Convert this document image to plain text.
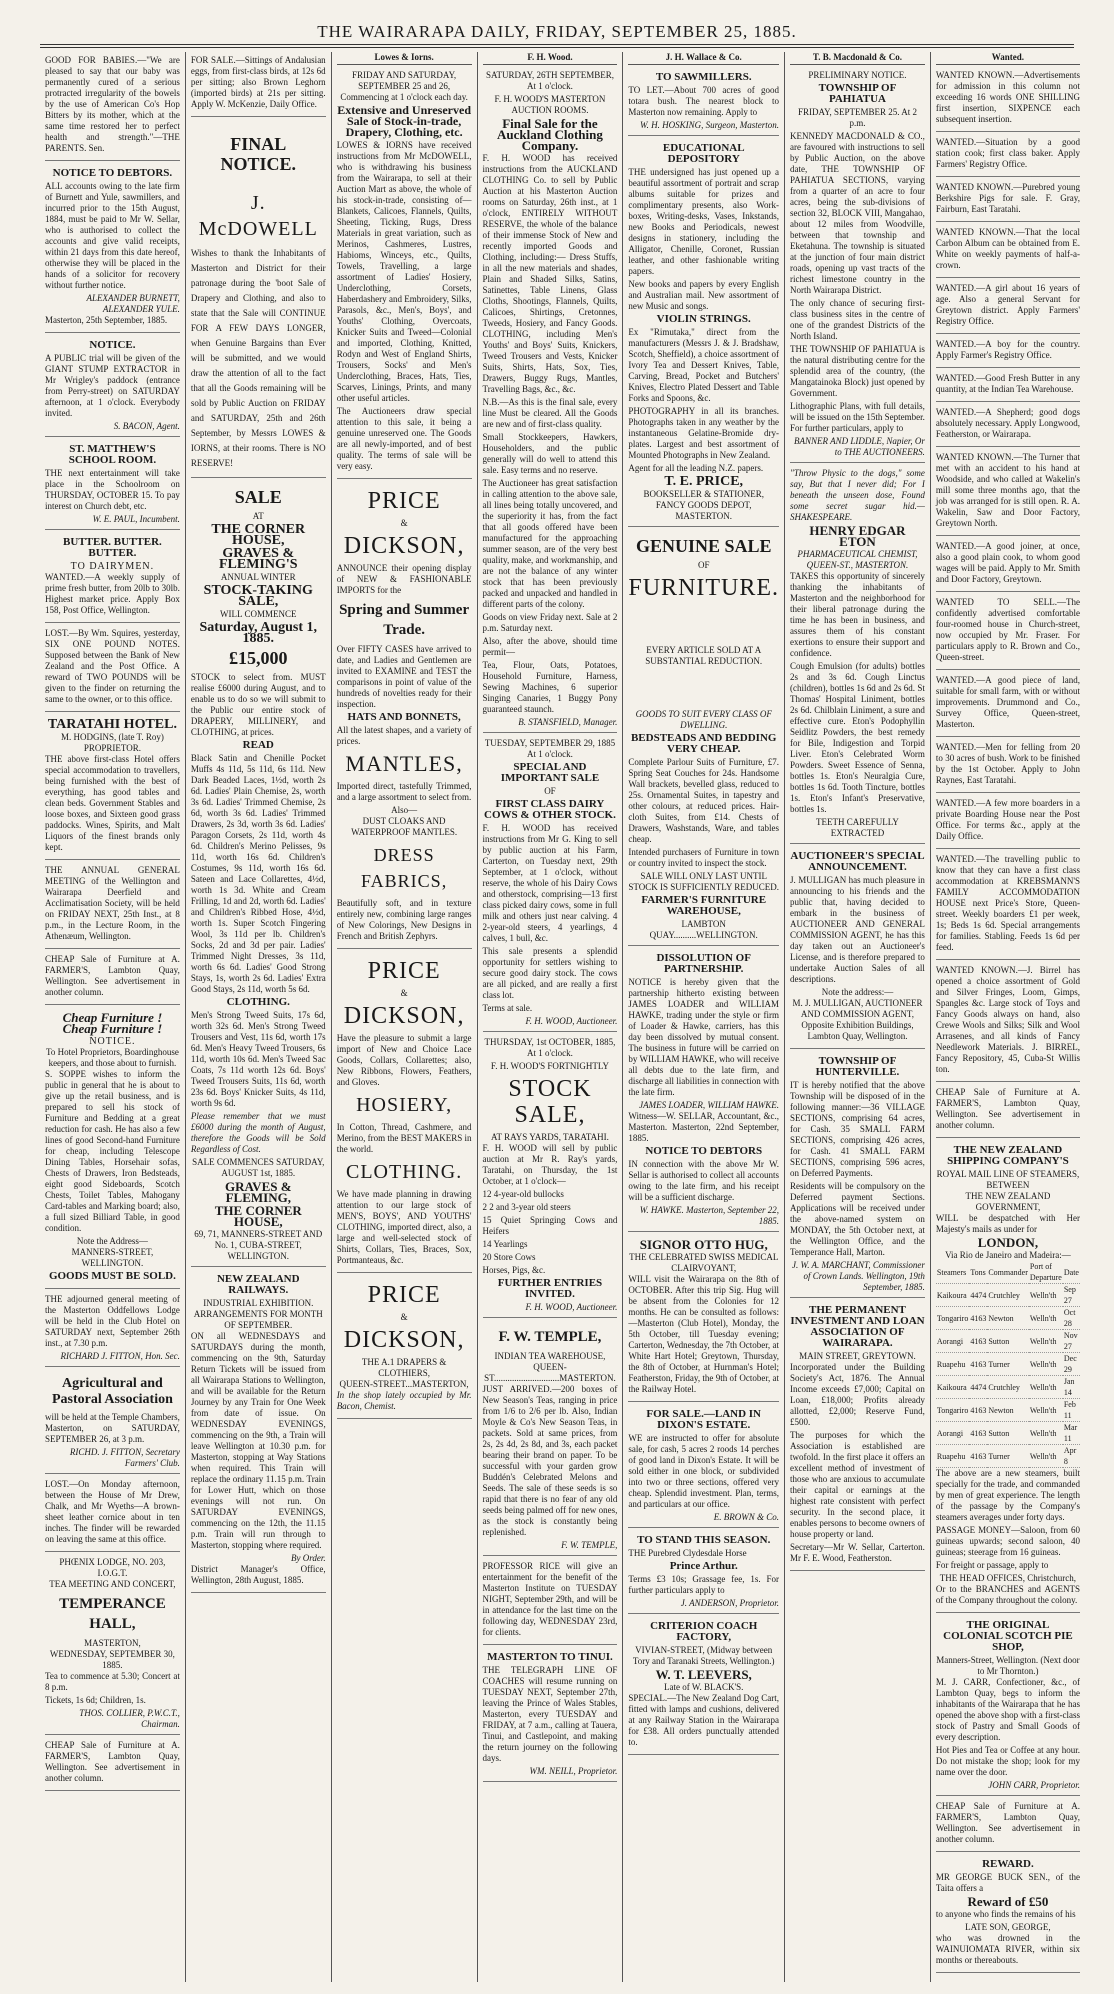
THE WAIRARAPA DAILY, FRIDAY, SEPTEMBER 25, 1885.

GOOD FOR BABIES.—"We are pleased to say that our baby was permanently cured of a serious protracted irregularity of the bowels by the use of American Co's Hop Bitters by its mother, which at the same time restored her to perfect health and strength."—THE PARENTS. Sen.

NOTICE TO DEBTORS.

ALL accounts owing to the late firm of Burnett and Yule, sawmillers, and incurred prior to the 15th August, 1884, must be paid to Mr W. Sellar, who is authorised to collect the accounts and give valid receipts, within 21 days from this date hereof, otherwise they will be placed in the hands of a solicitor for recovery without further notice.

ALEXANDER BURNETT, ALEXANDER YULE.

Masterton, 25th September, 1885.

NOTICE.

A PUBLIC trial will be given of the GIANT STUMP EXTRACTOR in Mr Wrigley's paddock (entrance from Perry-street) on SATURDAY afternoon, at 1 o'clock. Everybody invited.

S. BACON, Agent.
ST. MATTHEW'S SCHOOL ROOM.

THE next entertainment will take place in the Schoolroom on THURSDAY, OCTOBER 15. To pay interest on Church debt, etc.

W. E. PAUL, Incumbent.
BUTTER. BUTTER. BUTTER.
TO DAIRYMEN.

WANTED.—A weekly supply of prime fresh butter, from 20lb to 30lb. Highest market price. Apply Box 158, Post Office, Wellington.

LOST.—By Wm. Squires, yesterday, SIX ONE POUND NOTES. Supposed between the Bank of New Zealand and the Post Office. A reward of TWO POUNDS will be given to the finder on returning the same to the owner, or to this office.

TARATAHI HOTEL.
M. HODGINS, (late T. Roy) PROPRIETOR.

THE above first-class Hotel offers special accommodation to travellers, being furnished with the best of everything, has good tables and clean beds. Government Stables and loose boxes, and Sixteen good grass paddocks. Wines, Spirits, and Malt Liquors of the finest brands only kept.

THE ANNUAL GENERAL MEETING of the Wellington and Wairarapa Deerfield and Acclimatisation Society, will be held on FRIDAY NEXT, 25th Inst., at 8 p.m., in the Lecture Room, in the Athenæum, Wellington.

CHEAP Sale of Furniture at A. FARMER'S, Lambton Quay, Wellington. See advertisement in another column.

Cheap Furniture ! Cheap Furniture !
NOTICE.
To Hotel Proprietors, Boardinghouse keepers, and those about to furnish.

S. SOPPE wishes to inform the public in general that he is about to give up the retail business, and is prepared to sell his stock of Furniture and Bedding at a great reduction for cash. He has also a few lines of good Second-hand Furniture for cheap, including Telescope Dining Tables, Horsehair sofas, Chests of Drawers, Iron Bedsteads, eight good Sideboards, Scotch Chests, Toilet Tables, Mahogany Card-tables and Marking board; also, a full sized Billiard Table, in good condition.

Note the Address—
MANNERS-STREET, WELLINGTON.
GOODS MUST BE SOLD.

THE adjourned general meeting of the Masterton Oddfellows Lodge will be held in the Club Hotel on SATURDAY next, September 26th inst., at 7.30 p.m.

RICHARD J. FITTON, Hon. Sec.
Agricultural and Pastoral Association

will be held at the Temple Chambers, Masterton, on SATURDAY, SEPTEMBER 26, at 3 p.m.

RICHD. J. FITTON, Secretary Farmers' Club.

LOST.—On Monday afternoon, between the House of Mr Drew, Chalk, and Mr Wyeths—A brown-sheet leather cornice about in ten inches. The finder will be rewarded on leaving the same at this office.

PHŒNIX LODGE, NO. 203, I.O.G.T.
TEA MEETING AND CONCERT,
TEMPERANCE HALL,
MASTERTON,
WEDNESDAY, SEPTEMBER 30, 1885.

Tea to commence at 5.30; Concert at 8 p.m.

Tickets, 1s 6d; Children, 1s.

THOS. COLLIER, P.W.C.T., Chairman.

CHEAP Sale of Furniture at A. FARMER'S, Lambton Quay, Wellington. See advertisement in another column.

FOR SALE.—Sittings of Andalusian eggs, from first-class birds, at 12s 6d per sitting; also Brown Leghorn (imported birds) at 21s per sitting. Apply W. McKenzie, Daily Office.

FINAL NOTICE.
J. McDOWELL

Wishes to thank the Inhabitants of Masterton and District for their patronage during the 'boot Sale of Drapery and Clothing, and also to state that the Sale will CONTINUE FOR A FEW DAYS LONGER, when Genuine Bargains than Ever will be submitted, and we would draw the attention of all to the fact that all the Goods remaining will be sold by Public Auction on FRIDAY and SATURDAY, 25th and 26th September, by Messrs LOWES & IORNS, at their rooms. There is NO RESERVE!

SALE
AT
THE CORNER HOUSE,
GRAVES & FLEMING'S
ANNUAL WINTER
STOCK-TAKING SALE,
WILL COMMENCE
Saturday, August 1, 1885.
£15,000

STOCK to select from. MUST realise £6000 during August, and to enable us to do so we will submit to the Public our entire stock of DRAPERY, MILLINERY, and CLOTHING, at prices.

READ

Black Satin and Chenille Pocket Muffs 4s 11d, 5s 11d, 6s 11d. New Dark Beaded Laces, 1½d, worth 2s 6d. Ladies' Plain Chemise, 2s, worth 3s 6d. Ladies' Trimmed Chemise, 2s 6d, worth 3s 6d. Ladies' Trimmed Drawers, 2s 3d, worth 3s 6d. Ladies' Paragon Corsets, 2s 11d, worth 4s 6d. Children's Merino Pelisses, 9s 11d, worth 16s 6d. Children's Costumes, 9s 11d, worth 16s 6d. Sateen and Lace Collarettes, 4½d, worth 1s 3d. White and Cream Frilling, 1d and 2d, worth 6d. Ladies' and Children's Ribbed Hose, 4½d, worth 1s. Super Scotch Fingering Wool, 3s 11d per lb. Children's Socks, 2d and 3d per pair. Ladies' Trimmed Night Dresses, 3s 11d, worth 6s 6d. Ladies' Good Strong Stays, 1s, worth 2s 6d. Ladies' Extra Good Stays, 2s 11d, worth 5s 6d.

CLOTHING.

Men's Strong Tweed Suits, 17s 6d, worth 32s 6d. Men's Strong Tweed Trousers and Vest, 11s 6d, worth 17s 6d. Men's Heavy Tweed Trousers, 6s 11d, worth 10s 6d. Men's Tweed Sac Coats, 7s 11d worth 12s 6d. Boys' Tweed Trousers Suits, 11s 6d, worth 23s 6d. Boys' Knicker Suits, 4s 11d, worth 9s 6d.

Please remember that we must £6000 during the month of August, therefore the Goods will be Sold Regardless of Cost.

SALE COMMENCES SATURDAY, AUGUST 1st, 1885.
GRAVES & FLEMING,
THE CORNER HOUSE,
69, 71, MANNERS-STREET AND No. 1, CUBA-STREET, WELLINGTON.
NEW ZEALAND RAILWAYS.
INDUSTRIAL EXHIBITION.
ARRANGEMENTS FOR MONTH OF SEPTEMBER.

ON all WEDNESDAYS and SATURDAYS during the month, commencing on the 9th, Saturday Return Tickets will be issued from all Wairarapa Stations to Wellington, and will be available for the Return Journey by any Train for One Week from date of issue. On WEDNESDAY EVENINGS, commencing on the 9th, a Train will leave Wellington at 10.30 p.m. for Masterton, stopping at Way Stations when required. This Train will replace the ordinary 11.15 p.m. Train for Lower Hutt, which on those evenings will not run. On SATURDAY EVENINGS, commencing on the 12th, the 11.15 p.m. Train will run through to Masterton, stopping where required.

By Order.

District Manager's Office, Wellington, 28th August, 1885.

Lowes & Iorns.

FRIDAY AND SATURDAY, SEPTEMBER 25 and 26, Commencing at 1 o'clock each day.

Extensive and Unreserved Sale of Stock-in-trade, Drapery, Clothing, etc.

LOWES & IORNS have received instructions from Mr McDOWELL, who is withdrawing his business from the Wairarapa, to sell at their Auction Mart as above, the whole of his stock-in-trade, consisting of— Blankets, Calicoes, Flannels, Quilts, Sheeting, Ticking, Rugs, Dress Materials in great variation, such as Merinos, Cashmeres, Lustres, Habioms, Winceys, etc., Quilts, Towels, Travelling, a large assortment of Ladies' Hosiery, Underclothing, Corsets, Haberdashery and Embroidery, Silks, Parasols, &c., Men's, Boys', and Youths' Clothing, Overcoats, Knicker Suits and Tweed—Colonial and imported, Clothing, Knitted, Rodyn and West of England Shirts, Trousers, Socks' and Men's Underclothing, Braces, Hats, Ties, Scarves, Linings, Prints, and many other useful articles.

The Auctioneers draw special attention to this sale, it being a genuine unreserved one. The Goods are all newly-imported, and of best quality. The terms of sale will be very easy.

PRICE
&
DICKSON,

ANNOUNCE their opening display of NEW & FASHIONABLE IMPORTS for the

Spring and Summer Trade.

Over FIFTY CASES have arrived to date, and Ladies and Gentlemen are invited to EXAMINE and TEST the comparisons in point of value of the hundreds of novelties ready for their inspection.

HATS AND BONNETS,

All the latest shapes, and a variety of prices.

MANTLES,

Imported direct, tastefully Trimmed, and a large assortment to select from.

Also—
DUST CLOAKS AND WATERPROOF MANTLES.
DRESS FABRICS,

Beautifully soft, and in texture entirely new, combining large ranges of New Colorings, New Designs in French and British Zephyrs.

PRICE
&
DICKSON,

Have the pleasure to submit a large import of New and Choice Lace Goods, Collars, Collarettes; also, New Ribbons, Flowers, Feathers, and Gloves.

HOSIERY,

In Cotton, Thread, Cashmere, and Merino, from the BEST MAKERS in the world.

CLOTHING.

We have made planning in drawing attention to our large stock of MEN'S, BOYS', AND YOUTHS' CLOTHING, imported direct, also, a large and well-selected stock of Shirts, Collars, Ties, Braces, Sox, Portmanteaus, &c.

PRICE
&
DICKSON,
THE A.1 DRAPERS & CLOTHIERS,
QUEEN-STREET...MASTERTON,

In the shop lately occupied by Mr. Bacon, Chemist.

F. H. Wood.

SATURDAY, 26TH SEPTEMBER, At 1 o'clock.

F. H. WOOD'S MASTERTON AUCTION ROOMS.
Final Sale for the Auckland Clothing Company.

F. H. WOOD has received instructions from the AUCKLAND CLOTHING Co. to sell by Public Auction at his Masterton Auction rooms on Saturday, 26th inst., at 1 o'clock, ENTIRELY WITHOUT RESERVE, the whole of the balance of their immense Stock of New and recently imported Goods and Clothing, including:— Dress Stuffs, in all the new materials and shades, Plain and Shaded Silks, Satins, Satinettes, Table Linens, Glass Cloths, Shootings, Flannels, Quilts, Calicoes, Shirtings, Cretonnes, Tweeds, Hosiery, and Fancy Goods. CLOTHING, including Men's Youths' and Boys' Suits, Knickers, Tweed Trousers and Vests, Knicker Suits, Shirts, Hats, Sox, Ties, Drawers, Buggy Rugs, Mantles, Travelling Bags, &c., &c.

N.B.—As this is the final sale, every line Must be cleared. All the Goods are new and of first-class quality.

Small Stockkeepers, Hawkers, Householders, and the public generally will do well to attend this sale. Easy terms and no reserve.

The Auctioneer has great satisfaction in calling attention to the above sale, all lines being totally uncovered, and the superiority it has, from the fact that all goods offered have been manufactured for the approaching summer season, are of the very best quality, make, and workmanship, and are not the balance of any winter stock that has been previously packed and unpacked and handled in different parts of the colony.

Goods on view Friday next. Sale at 2 p.m. Saturday next.

Also, after the above, should time permit—

Tea, Flour, Oats, Potatoes, Household Furniture, Harness, Sewing Machines, 6 superior Singing Canaries, 1 Buggy Pony guaranteed staunch.

B. STANSFIELD, Manager.

TUESDAY, SEPTEMBER 29, 1885 At 1 o'clock.

SPECIAL AND IMPORTANT SALE
OF
FIRST CLASS DAIRY COWS & OTHER STOCK.

F. H. WOOD has received instructions from Mr G. King to sell by public auction at his Farm, Carterton, on Tuesday next, 29th September, at 1 o'clock, without reserve, the whole of his Dairy Cows and otherstock, comprising—13 first class picked dairy cows, some in full milk and others just near calving. 4 2-year-old steers, 4 yearlings, 4 calves, 1 bull, &c.

This sale presents a splendid opportunity for settlers wishing to secure good dairy stock. The cows are all picked, and are really a first class lot.

Terms at sale.

F. H. WOOD, Auctioneer.

THURSDAY, 1st OCTOBER, 1885, At 1 o'clock.

F. H. WOOD'S FORTNIGHTLY
STOCK SALE,
AT RAYS YARDS, TARATAHI.

F. H. WOOD will sell by public auction at Mr R. Ray's yards, Taratahi, on Thursday, the 1st October, at 1 o'clock—

12 4-year-old bullocks

2 2 and 3-year old steers

15 Quiet Springing Cows and Heifers

14 Yearlings

20 Store Cows

Horses, Pigs, &c.

FURTHER ENTRIES INVITED.
F. H. WOOD, Auctioneer.
F. W. TEMPLE,
INDIAN TEA WAREHOUSE,
QUEEN-ST.............................MASTERTON.

JUST ARRIVED.—200 boxes of New Season's Teas, ranging in price from 1/6 to 2/6 per lb. Also, Indian Moyle & Co's New Season Teas, in packets. Sold at same prices, from 2s, 2s 4d, 2s 8d, and 3s, each packet bearing their brand on paper. To be successful with your garden grow Buddén's Celebrated Melons and Seeds. The sale of these seeds is so rapid that there is no fear of any old seeds being palmed off for new ones, as the stock is constantly being replenished.

F. W. TEMPLE,

PROFESSOR RICE will give an entertainment for the benefit of the Masterton Institute on TUESDAY NIGHT, September 29th, and will be in attendance for the last time on the following day, WEDNESDAY 23rd, for clients.

MASTERTON TO TINUI.

THE TELEGRAPH LINE OF COACHES will resume running on TUESDAY NEXT, September 27th, leaving the Prince of Wales Stables, Masterton, every TUESDAY and FRIDAY, at 7 a.m., calling at Tauera, Tinui, and Castlepoint, and making the return journey on the following days.

WM. NEILL, Proprietor.
J. H. Wallace & Co.
TO SAWMILLERS.

TO LET.—About 700 acres of good totara bush. The nearest block to Masterton now remaining. Apply to

W. H. HOSKING, Surgeon, Masterton.
EDUCATIONAL DEPOSITORY

THE undersigned has just opened up a beautiful assortment of portrait and scrap albums suitable for prizes and complimentary presents, also Work-boxes, Writing-desks, Vases, Inkstands, new Books and Periodicals, newest designs in stationery, including the Alligator, Chenille, Coronet, Russian leather, and other fashionable writing papers.

New books and papers by every English and Australian mail. New assortment of new Music and songs.

VIOLIN STRINGS.

Ex "Rimutaka," direct from the manufacturers (Messrs J. & J. Bradshaw, Scotch, Sheffield), a choice assortment of Ivory Tea and Dessert Knives, Table, Carving, Bread, Pocket and Butchers' Knives, Electro Plated Dessert and Table Forks and Spoons, &c.

PHOTOGRAPHY in all its branches. Photographs taken in any weather by the instantaneous Gelatine-Bromide dry-plates. Largest and best assortment of Mounted Photographs in New Zealand.

Agent for all the leading N.Z. papers.

T. E. PRICE,
BOOKSELLER & STATIONER, FANCY GOODS DEPOT, MASTERTON.
GENUINE SALE
OF
FURNITURE.

EVERY ARTICLE SOLD AT A SUBSTANTIAL REDUCTION.

GOODS TO SUIT EVERY CLASS OF DWELLING.

BEDSTEADS AND BEDDING VERY CHEAP.

Complete Parlour Suits of Furniture, £7. Spring Seat Couches for 24s. Handsome Wall brackets, bevelled glass, reduced to 25s. Ornamental Suites, in tapestry and other colours, at reduced prices. Hair-cloth Suites, from £14. Chests of Drawers, Washstands, Ware, and tables cheap.

Intended purchasers of Furniture in town or country invited to inspect the stock.

SALE WILL ONLY LAST UNTIL STOCK IS SUFFICIENTLY REDUCED.

FARMER'S FURNITURE WAREHOUSE,
LAMBTON QUAY..........WELLINGTON.
DISSOLUTION OF PARTNERSHIP.

NOTICE is hereby given that the partnership hitherto existing between JAMES LOADER and WILLIAM HAWKE, trading under the style or firm of Loader & Hawke, carriers, has this day been dissolved by mutual consent. The business in future will be carried on by WILLIAM HAWKE, who will receive all debts due to the late firm, and discharge all liabilities in connection with the late firm.

JAMES LOADER, WILLIAM HAWKE.

Witness—W. SELLAR, Accountant, &c., Masterton. Masterton, 22nd September, 1885.

NOTICE TO DEBTORS

IN connection with the above Mr W. Sellar is authorised to collect all accounts owing to the late firm, and his receipt will be a sufficient discharge.

W. HAWKE. Masterton, September 22, 1885.
SIGNOR OTTO HUG,
THE CELEBRATED SWISS MEDICAL CLAIRVOYANT,

WILL visit the Wairarapa on the 8th of OCTOBER. After this trip Sig. Hug will be absent from the Colonies for 12 months. He can be consulted as follows:—Masterton (Club Hotel), Monday, the 5th October, till Tuesday evening; Carterton, Wednesday, the 7th October, at White Hart Hotel; Greytown, Thursday, the 8th of October, at Hurnman's Hotel; Featherston, Friday, the 9th of October, at the Railway Hotel.

FOR SALE.—LAND IN DIXON'S ESTATE.

WE are instructed to offer for absolute sale, for cash, 5 acres 2 roods 14 perches of good land in Dixon's Estate. It will be sold either in one block, or subdivided into two or three sections, offered very cheap. Splendid investment. Plan, terms, and particulars at our office.

E. BROWN & Co.
TO STAND THIS SEASON.

THE Purebred Clydesdale Horse

Prince Arthur.

Terms £3 10s; Grassage fee, 1s. For further particulars apply to

J. ANDERSON, Proprietor.
CRITERION COACH FACTORY,
VIVIAN-STREET, (Midway between Tory and Taranaki Streets, Wellington.)
W. T. LEEVERS,
Late of W. BLACK'S.

SPECIAL.—The New Zealand Dog Cart, fitted with lamps and cushions, delivered at any Railway Station in the Wairarapa for £38. All orders punctually attended to.

T. B. Macdonald & Co.
PRELIMINARY NOTICE.
TOWNSHIP OF PAHIATUA

FRIDAY, SEPTEMBER 25. At 2 p.m.

KENNEDY MACDONALD & CO., are favoured with instructions to sell by Public Auction, on the above date, THE TOWNSHIP OF PAHIATUA SECTIONS, varying from a quarter of an acre to four acres, being the sub-divisions of section 32, BLOCK VIII, Mangahao, about 12 miles from Woodville, between that township and Eketahuna. The township is situated at the junction of four main district roads, opening up vast tracts of the richest limestone country in the North Wairarapa District.

The only chance of securing first-class business sites in the centre of one of the grandest Districts of the North Island.

THE TOWNSHIP OF PAHIATUA is the natural distributing centre for the splendid area of the country, (the Mangatainoka Block) just opened by Government.

Lithographic Plans, with full details, will be issued on the 15th September. For further particulars, apply to

BANNER AND LIDDLE, Napier, Or to THE AUCTIONEERS.

"Throw Physic to the dogs," some say, But that I never did; For I beneath the unseen dose, Found some secret sugar hid.—SHAKESPEARE.

HENRY EDGAR ETON
PHARMACEUTICAL CHEMIST, QUEEN-ST., MASTERTON.

TAKES this opportunity of sincerely thanking the inhabitants of Masterton and the neighborhood for their liberal patronage during the time he has been in business, and assures them of his constant exertions to ensure their support and confidence.

Cough Emulsion (for adults) bottles 2s and 3s 6d. Cough Linctus (children), bottles 1s 6d and 2s 6d. St Thomas' Hospital Liniment, bottles 2s 6d. Chilblain Liniment, a sure and effective cure. Eton's Podophyllin Seidlitz Powders, the best remedy for Bile, Indigestion and Torpid Liver. Eton's Celebrated Worm Powders. Sweet Essence of Senna, bottles 1s. Eton's Neuralgia Cure, bottles 1s 6d. Tooth Tincture, bottles 1s. Eton's Infant's Preservative, bottles 1s.

TEETH CAREFULLY EXTRACTED
AUCTIONEER'S SPECIAL ANNOUNCEMENT.

J. MULLIGAN has much pleasure in announcing to his friends and the public that, having decided to embark in the business of AUCTIONEER AND GENERAL COMMISSION AGENT, he has this day taken out an Auctioneer's License, and is therefore prepared to undertake Auction Sales of all descriptions.

Note the address:—

M. J. MULLIGAN, AUCTIONEER AND COMMISSION AGENT, Opposite Exhibition Buildings, Lambton Quay, Wellington.

TOWNSHIP OF HUNTERVILLE.

IT is hereby notified that the above Township will be disposed of in the following manner:—36 VILLAGE SECTIONS, comprising 64 acres, for Cash. 35 SMALL FARM SECTIONS, comprising 426 acres, for Cash. 41 SMALL FARM SECTIONS, comprising 596 acres, on Deferred Payments.

Residents will be compulsory on the Deferred payment Sections. Applications will be received under the above-named system on MONDAY, the 5th October next, at the Wellington Office, and the Temperance Hall, Marton.

J. W. A. MARCHANT, Commissioner of Crown Lands. Wellington, 19th September, 1885.
THE PERMANENT INVESTMENT AND LOAN ASSOCIATION OF WAIRARAPA.
MAIN STREET, GREYTOWN.

Incorporated under the Building Society's Act, 1876. The Annual Income exceeds £7,000; Capital on Loan, £18,000; Profits already allotted, £2,000; Reserve Fund, £500.

The purposes for which the Association is established are twofold. In the first place it offers an excellent method of investment of those who are anxious to accumulate their capital or earnings at the highest rate consistent with perfect security. In the second place, it enables persons to become owners of house property or land.

Secretary—Mr W. Sellar, Carterton. Mr F. E. Wood, Featherston.

Wanted.

WANTED KNOWN.—Advertisements for admission in this column not exceeding 16 words ONE SHILLING first insertion, SIXPENCE each subsequent insertion.

WANTED.—Situation by a good station cook; first class baker. Apply Farmers' Registry Office.

WANTED KNOWN.—Purebred young Berkshire Pigs for sale. F. Gray, Fairburn, East Taratahi.

WANTED KNOWN.—That the local Carbon Album can be obtained from E. White on weekly payments of half-a-crown.

WANTED.—A girl about 16 years of age. Also a general Servant for Greytown district. Apply Farmers' Registry Office.

WANTED.—A boy for the country. Apply Farmer's Registry Office.

WANTED.—Good Fresh Butter in any quantity, at the Indian Tea Warehouse.

WANTED.—A Shepherd; good dogs absolutely necessary. Apply Longwood, Featherston, or Wairarapa.

WANTED KNOWN.—The Turner that met with an accident to his hand at Woodside, and who called at Wakelin's mill some three months ago, that the job was arranged for is still open. R. A. Wakelin, Saw and Door Factory, Greytown North.

WANTED.—A good joiner, at once, also a good plain cook, to whom good wages will be paid. Apply to Mr. Smith and Door Factory, Greytown.

WANTED TO SELL.—The confidently advertised comfortable four-roomed house in Church-street, now occupied by Mr. Fraser. For particulars apply to R. Brown and Co., Queen-street.

WANTED.—A good piece of land, suitable for small farm, with or without improvements. Drummond and Co., Survey Office, Queen-street, Masterton.

WANTED.—Men for felling from 20 to 30 acres of bush. Work to be finished by the 1st October. Apply to John Raynes, East Taratahi.

WANTED.—A few more boarders in a private Boarding House near the Post Office. For terms &c., apply at the Daily Office.

WANTED.—The travelling public to know that they can have a first class accommodation at KREBSMANN'S FAMILY ACCOMMODATION HOUSE next Price's Store, Queen-street. Weekly boarders £1 per week, 1s; Beds 1s 6d. Special arrangements for families. Stabling. Feeds 1s 6d per feed.

WANTED KNOWN.—J. Birrel has opened a choice assortment of Gold and Silver Fringes, Loom, Gimps, Spangles &c. Large stock of Toys and Fancy Goods always on hand, also Crewe Wools and Silks; Silk and Wool Arrasenes, and all kinds of Fancy Needlework Materials. J. BIRREL, Fancy Repository, 45, Cuba-St Willis ton.

CHEAP Sale of Furniture at A. FARMER'S, Lambton Quay, Wellington. See advertisement in another column.

THE NEW ZEALAND SHIPPING COMPANY'S
ROYAL MAIL LINE OF STEAMERS,
BETWEEN
THE NEW ZEALAND GOVERNMENT,

WILL be despatched with Her Majesty's mails as under for

LONDON,
Via Rio de Janeiro and Madeira:—
Steamers	Tons	Commander	Port of Departure	Date
Kaikoura	4474	Crutchley	Welln'th	Sep 27
Tongariro	4163	Newton	Welln'th	Oct 28
Aorangi	4163	Sutton	Welln'th	Nov 27
Ruapehu	4163	Turner	Welln'th	Dec 29
Kaikoura	4474	Crutchley	Welln'th	Jan 14
Tongariro	4163	Newton	Welln'th	Feb 11
Aorangi	4163	Sutton	Welln'th	Mar 11
Ruapehu	4163	Turner	Welln'th	Apr 8

The above are a new steamers, built specially for the trade, and commanded by men of great experience. The length of the passage by the Company's steamers averages under forty days.

PASSAGE MONEY—Saloon, from 60 guineas upwards; second saloon, 40 guineas; steerage from 16 guineas.

For freight or passage, apply to

THE HEAD OFFICES, Christchurch,

Or to the BRANCHES and AGENTS of the Company throughout the colony.

THE ORIGINAL COLONIAL SCOTCH PIE SHOP,
Manners-Street, Wellington. (Next door to Mr Thornton.)

M. J. CARR, Confectioner, &c., of Lambton Quay, begs to inform the inhabitants of the Wairarapa that he has opened the above shop with a first-class stock of Pastry and Small Goods of every description.

Hot Pies and Tea or Coffee at any hour. Do not mistake the shop; look for my name over the door.

JOHN CARR, Proprietor.

CHEAP Sale of Furniture at A. FARMER'S, Lambton Quay, Wellington. See advertisement in another column.

REWARD.

MR GEORGE BUCK SEN., of the Taita offers a

Reward of £50

to anyone who finds the remains of his

LATE SON, GEORGE,

who was drowned in the WAINUIOMATA RIVER, within six months or thereabouts.
